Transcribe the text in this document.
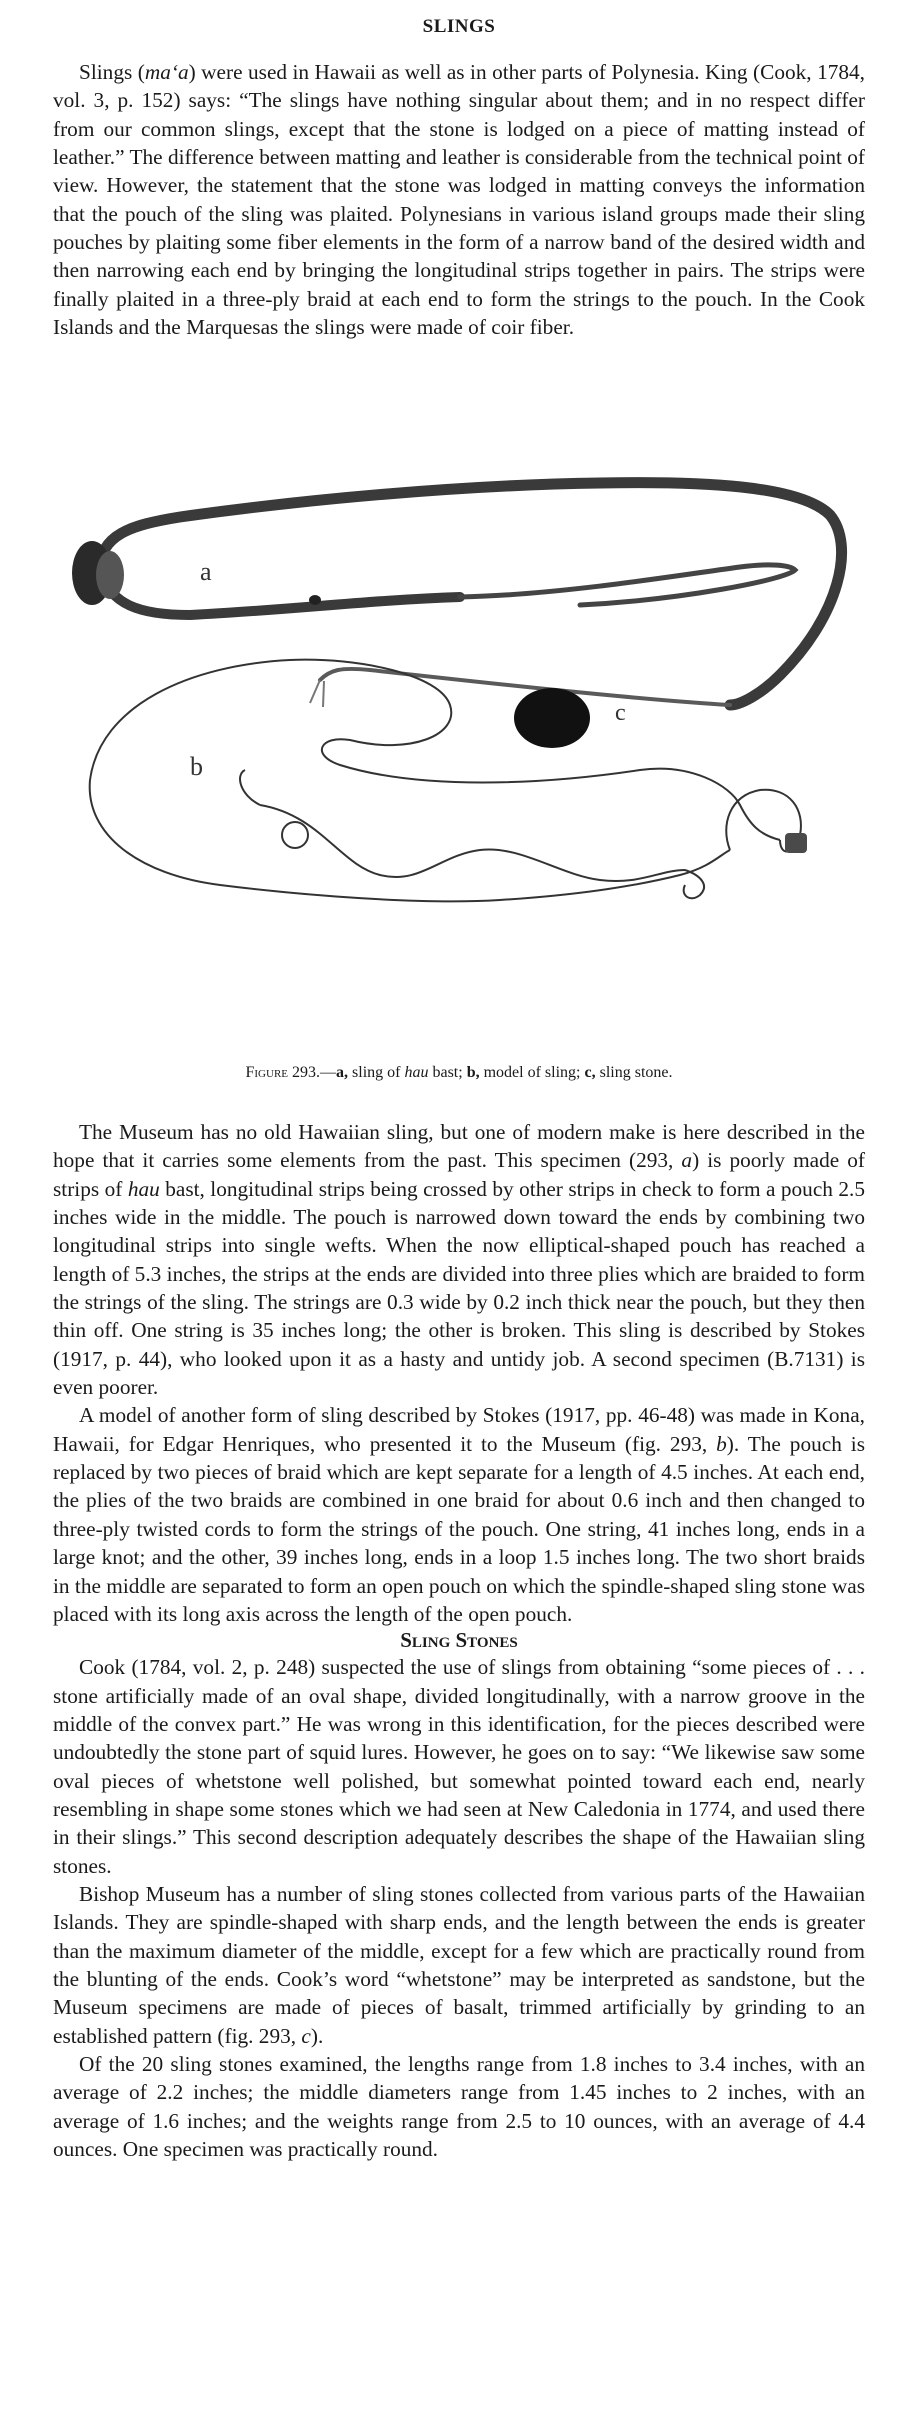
SLINGS

Slings (ma‘a) were used in Hawaii as well as in other parts of Polynesia. King (Cook, 1784, vol. 3, p. 152) says: “The slings have nothing singular about them; and in no respect differ from our common slings, except that the stone is lodged on a piece of matting instead of leather.” The difference between matting and leather is considerable from the technical point of view. However, the statement that the stone was lodged in matting conveys the information that the pouch of the sling was plaited. Polynesians in various island groups made their sling pouches by plaiting some fiber elements in the form of a narrow band of the desired width and then narrowing each end by bringing the longitudinal strips together in pairs. The strips were finally plaited in a three-ply braid at each end to form the strings to the pouch. In the Cook Islands and the Marquesas the slings were made of coir fiber.

a
b
c
Figure 293.—a, sling of hau bast; b, model of sling; c, sling stone.

The Museum has no old Hawaiian sling, but one of modern make is here described in the hope that it carries some elements from the past. This specimen (293, a) is poorly made of strips of hau bast, longitudinal strips being crossed by other strips in check to form a pouch 2.5 inches wide in the middle. The pouch is narrowed down toward the ends by combining two longitudinal strips into single wefts. When the now elliptical-shaped pouch has reached a length of 5.3 inches, the strips at the ends are divided into three plies which are braided to form the strings of the sling. The strings are 0.3 wide by 0.2 inch thick near the pouch, but they then thin off. One string is 35 inches long; the other is broken. This sling is described by Stokes (1917, p. 44), who looked upon it as a hasty and untidy job. A second specimen (B.7131) is even poorer.

A model of another form of sling described by Stokes (1917, pp. 46-48) was made in Kona, Hawaii, for Edgar Henriques, who presented it to the Museum (fig. 293, b). The pouch is replaced by two pieces of braid which are kept separate for a length of 4.5 inches. At each end, the plies of the two braids are combined in one braid for about 0.6 inch and then changed to three-ply twisted cords to form the strings of the pouch. One string, 41 inches long, ends in a large knot; and the other, 39 inches long, ends in a loop 1.5 inches long. The two short braids in the middle are separated to form an open pouch on which the spindle-shaped sling stone was placed with its long axis across the length of the open pouch.

Sling Stones

Cook (1784, vol. 2, p. 248) suspected the use of slings from obtaining “some pieces of . . . stone artificially made of an oval shape, divided longitudinally, with a narrow groove in the middle of the convex part.” He was wrong in this identification, for the pieces described were undoubtedly the stone part of squid lures. However, he goes on to say: “We likewise saw some oval pieces of whetstone well polished, but somewhat pointed toward each end, nearly resembling in shape some stones which we had seen at New Caledonia in 1774, and used there in their slings.” This second description adequately describes the shape of the Hawaiian sling stones.

Bishop Museum has a number of sling stones collected from various parts of the Hawaiian Islands. They are spindle-shaped with sharp ends, and the length between the ends is greater than the maximum diameter of the middle, except for a few which are practically round from the blunting of the ends. Cook’s word “whetstone” may be interpreted as sandstone, but the Museum specimens are made of pieces of basalt, trimmed artificially by grinding to an established pattern (fig. 293, c).

Of the 20 sling stones examined, the lengths range from 1.8 inches to 3.4 inches, with an average of 2.2 inches; the middle diameters range from 1.45 inches to 2 inches, with an average of 1.6 inches; and the weights range from 2.5 to 10 ounces, with an average of 4.4 ounces. One specimen was practically round.
